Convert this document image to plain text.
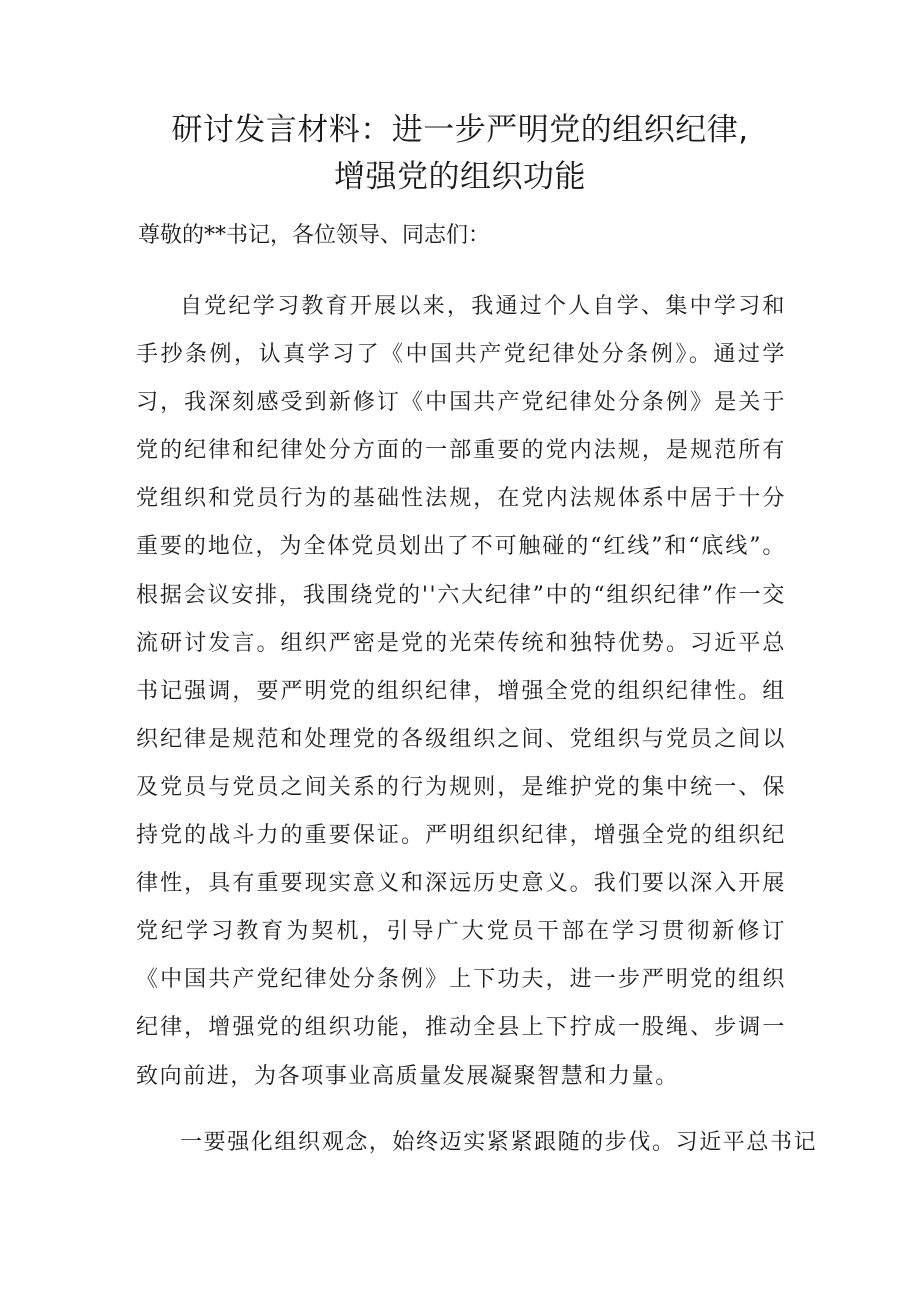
研讨发言材料：进一步严明党的组织纪律,
增强党的组织功能
尊敬的**书记，各位领导、同志们：

自党纪学习教育开展以来，我通过个人自学、集中学习和手抄条例，认真学习了《中国共产党纪律处分条例》。通过学习，我深刻感受到新修订《中国共产党纪律处分条例》是关于党的纪律和纪律处分方面的一部重要的党内法规，是规范所有党组织和党员行为的基础性法规，在党内法规体系中居于十分重要的地位，为全体党员划出了不可触碰的“红线”和“底线”。根据会议安排，我围绕党的''六大纪律”中的“组织纪律”作一交流研讨发言。组织严密是党的光荣传统和独特优势。习近平总书记强调，要严明党的组织纪律，增强全党的组织纪律性。组织纪律是规范和处理党的各级组织之间、党组织与党员之间以及党员与党员之间关系的行为规则，是维护党的集中统一、保持党的战斗力的重要保证。严明组织纪律，增强全党的组织纪律性，具有重要现实意义和深远历史意义。我们要以深入开展党纪学习教育为契机，引导广大党员干部在学习贯彻新修订《中国共产党纪律处分条例》上下功夫，进一步严明党的组织纪律，增强党的组织功能，推动全县上下拧成一股绳、步调一致向前进，为各项事业高质量发展凝聚智慧和力量。

一要强化组织观念，始终迈实紧紧跟随的步伐。习近平总书记
